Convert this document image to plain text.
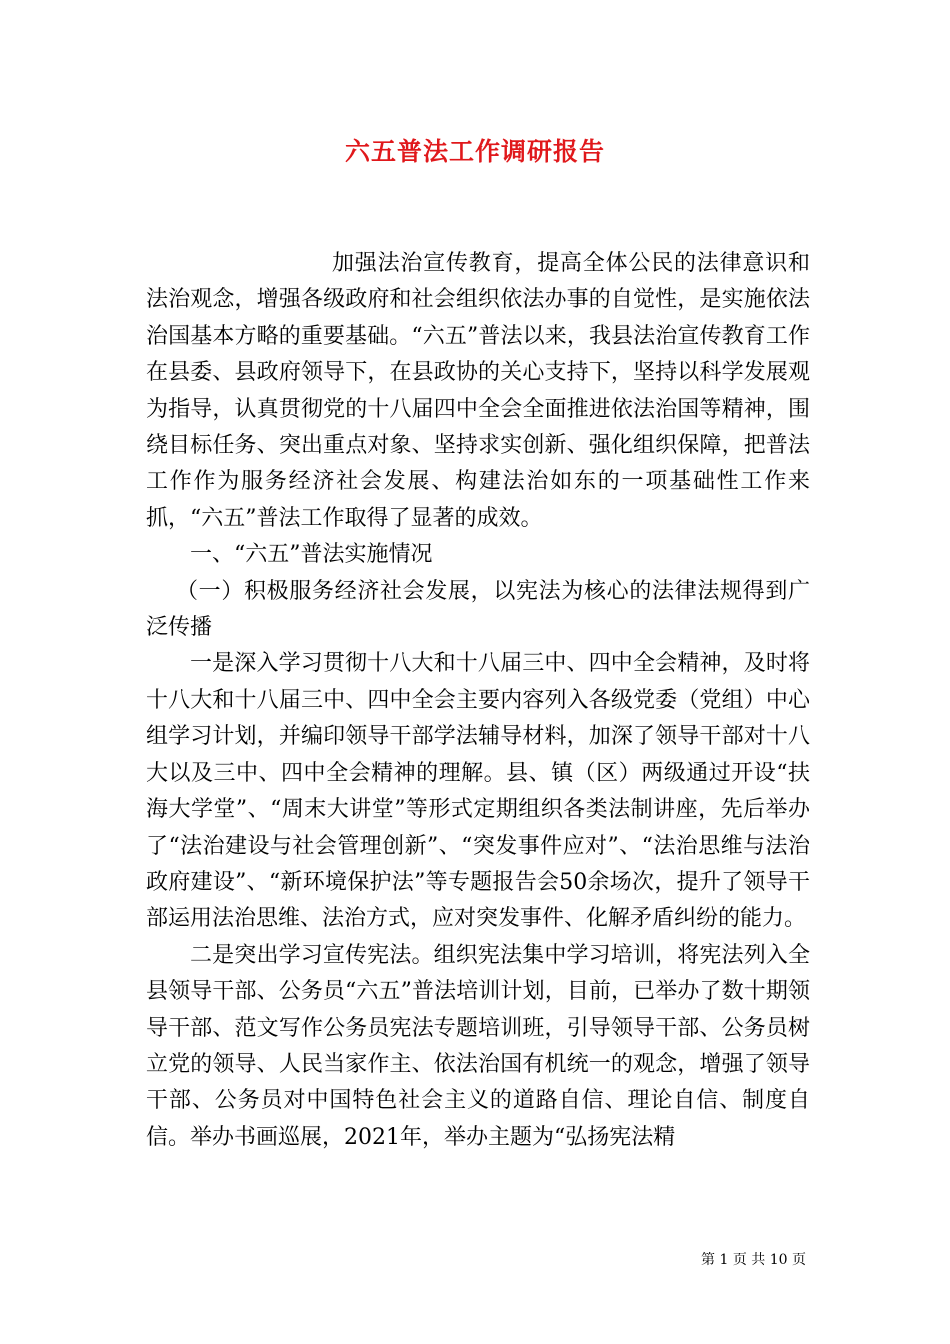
六五普法工作调研报告

加强法治宣传教育，提高全体公民的法律意识和法治观念，增强各级政府和社会组织依法办事的自觉性，是实施依法治国基本方略的重要基础。“六五”普法以来，我县法治宣传教育工作在县委、县政府领导下，在县政协的关心支持下，坚持以科学发展观为指导，认真贯彻党的十八届四中全会全面推进依法治国等精神，围绕目标任务、突出重点对象、坚持求实创新、强化组织保障，把普法工作作为服务经济社会发展、构建法治如东的一项基础性工作来抓，“六五”普法工作取得了显著的成效。

一、“六五”普法实施情况

（一）积极服务经济社会发展，以宪法为核心的法律法规得到广泛传播

一是深入学习贯彻十八大和十八届三中、四中全会精神，及时将十八大和十八届三中、四中全会主要内容列入各级党委（党组）中心组学习计划，并编印领导干部学法辅导材料，加深了领导干部对十八大以及三中、四中全会精神的理解。县、镇（区）两级通过开设“扶海大学堂”、“周末大讲堂”等形式定期组织各类法制讲座，先后举办了“法治建设与社会管理创新”、“突发事件应对”、“法治思维与法治政府建设”、“新环境保护法”等专题报告会50余场次，提升了领导干部运用法治思维、法治方式，应对突发事件、化解矛盾纠纷的能力。

二是突出学习宣传宪法。组织宪法集中学习培训，将宪法列入全县领导干部、公务员“六五”普法培训计划，目前，已举办了数十期领导干部、范文写作公务员宪法专题培训班，引导领导干部、公务员树立党的领导、人民当家作主、依法治国有机统一的观念，增强了领导干部、公务员对中国特色社会主义的道路自信、理论自信、制度自信。举办书画巡展，2021年，举办主题为“弘扬宪法精

第 1 页 共 10 页
